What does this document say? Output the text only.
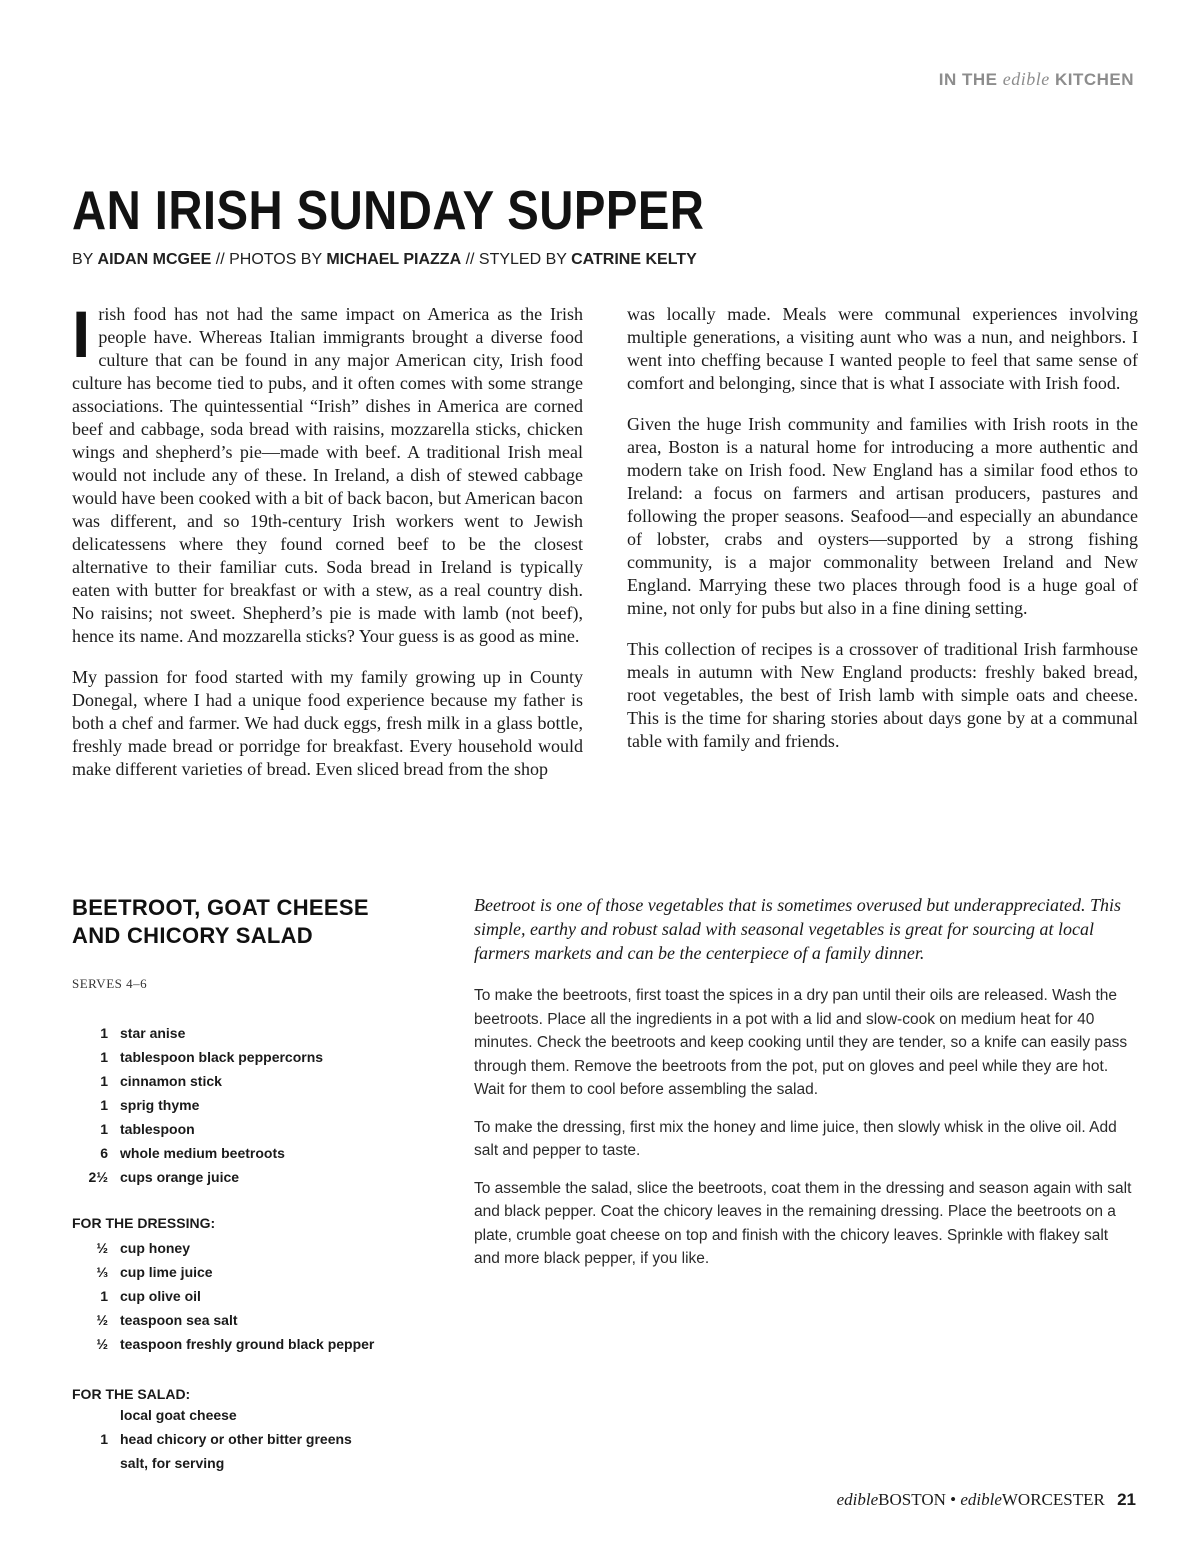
IN THE edible KITCHEN
AN IRISH SUNDAY SUPPER

BY AIDAN MCGEE // PHOTOS BY MICHAEL PIAZZA // STYLED BY CATRINE KELTY

Irish food has not had the same impact on America as the Irish people have. Whereas Italian immigrants brought a diverse food culture that can be found in any major American city, Irish food culture has become tied to pubs, and it often comes with some strange associations. The quintessential “Irish” dishes in America are corned beef and cabbage, soda bread with raisins, mozzarella sticks, chicken wings and shepherd’s pie—made with beef. A traditional Irish meal would not include any of these. In Ireland, a dish of stewed cabbage would have been cooked with a bit of back bacon, but American bacon was different, and so 19th-century Irish workers went to Jewish delicatessens where they found corned beef to be the closest alternative to their familiar cuts. Soda bread in Ireland is typically eaten with butter for breakfast or with a stew, as a real country dish. No raisins; not sweet. Shepherd’s pie is made with lamb (not beef), hence its name. And mozzarella sticks? Your guess is as good as mine.

My passion for food started with my family growing up in County Donegal, where I had a unique food experience because my father is both a chef and farmer. We had duck eggs, fresh milk in a glass bottle, freshly made bread or porridge for breakfast. Every household would make different varieties of bread. Even sliced bread from the shop

was locally made. Meals were communal experiences involving multiple generations, a visiting aunt who was a nun, and neighbors. I went into cheffing because I wanted people to feel that same sense of comfort and belonging, since that is what I associate with Irish food.

Given the huge Irish community and families with Irish roots in the area, Boston is a natural home for introducing a more authentic and modern take on Irish food. New England has a similar food ethos to Ireland: a focus on farmers and artisan producers, pastures and following the proper seasons. Seafood—and especially an abundance of lobster, crabs and oysters—supported by a strong fishing community, is a major commonality between Ireland and New England. Marrying these two places through food is a huge goal of mine, not only for pubs but also in a fine dining setting.

This collection of recipes is a crossover of traditional Irish farmhouse meals in autumn with New England products: freshly baked bread, root vegetables, the best of Irish lamb with simple oats and cheese. This is the time for sharing stories about days gone by at a communal table with family and friends.

BEETROOT, GOAT CHEESE AND CHICORY SALAD
SERVES 4–6
1 star anise
1 tablespoon black peppercorns
1 cinnamon stick
1 sprig thyme
1 tablespoon
6 whole medium beetroots
2½ cups orange juice
FOR THE DRESSING:
½ cup honey
⅓ cup lime juice
1 cup olive oil
½ teaspoon sea salt
½ teaspoon freshly ground black pepper
FOR THE SALAD:
local goat cheese
1 head chicory or other bitter greens
salt, for serving

Beetroot is one of those vegetables that is sometimes overused but underappreciated. This simple, earthy and robust salad with seasonal vegetables is great for sourcing at local farmers markets and can be the centerpiece of a family dinner.

To make the beetroots, first toast the spices in a dry pan until their oils are released. Wash the beetroots. Place all the ingredients in a pot with a lid and slow-cook on medium heat for 40 minutes. Check the beetroots and keep cooking until they are tender, so a knife can easily pass through them. Remove the beetroots from the pot, put on gloves and peel while they are hot. Wait for them to cool before assembling the salad.

To make the dressing, first mix the honey and lime juice, then slowly whisk in the olive oil. Add salt and pepper to taste.

To assemble the salad, slice the beetroots, coat them in the dressing and season again with salt and black pepper. Coat the chicory leaves in the remaining dressing. Place the beetroots on a plate, crumble goat cheese on top and finish with the chicory leaves. Sprinkle with flakey salt and more black pepper, if you like.

edibleBOSTON • edibleWORCESTER 21
